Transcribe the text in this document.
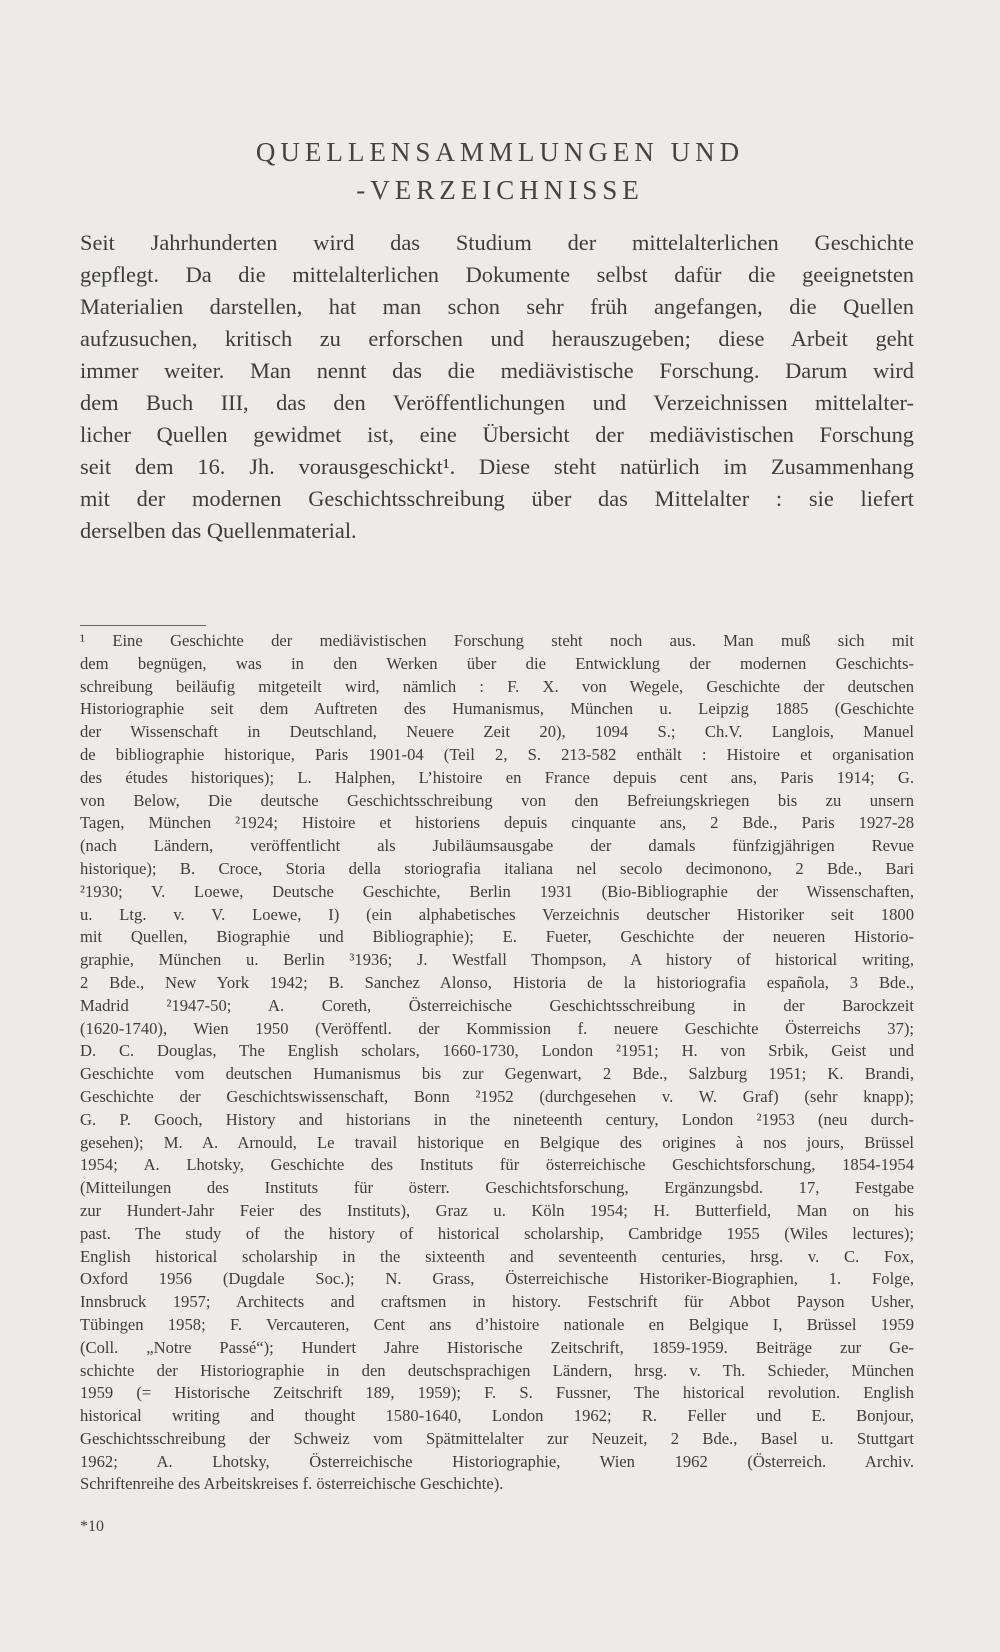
QUELLENSAMMLUNGEN UND
-VERZEICHNISSE
Seit Jahrhunderten wird das Studium der mittelalterlichen Geschichte
gepflegt. Da die mittelalterlichen Dokumente selbst dafür die geeignetsten
Materialien darstellen, hat man schon sehr früh angefangen, die Quellen
aufzusuchen, kritisch zu erforschen und herauszugeben; diese Arbeit geht
immer weiter. Man nennt das die mediävistische Forschung. Darum wird
dem Buch III, das den Veröffentlichungen und Verzeichnissen mittelalter-
licher Quellen gewidmet ist, eine Übersicht der mediävistischen Forschung
seit dem 16. Jh. vorausgeschickt¹. Diese steht natürlich im Zusammenhang
mit der modernen Geschichtsschreibung über das Mittelalter : sie liefert
derselben das Quellenmaterial.
¹ Eine Geschichte der mediävistischen Forschung steht noch aus. Man muß sich mit
dem begnügen, was in den Werken über die Entwicklung der modernen Geschichts-
schreibung beiläufig mitgeteilt wird, nämlich : F. X. von Wegele, Geschichte der deutschen
Historiographie seit dem Auftreten des Humanismus, München u. Leipzig 1885 (Geschichte
der Wissenschaft in Deutschland, Neuere Zeit 20), 1094 S.; Ch.V. Langlois, Manuel
de bibliographie historique, Paris 1901-04 (Teil 2, S. 213-582 enthält : Histoire et organisation
des études historiques); L. Halphen, L’histoire en France depuis cent ans, Paris 1914; G.
von Below, Die deutsche Geschichtsschreibung von den Befreiungskriegen bis zu unsern
Tagen, München ²1924; Histoire et historiens depuis cinquante ans, 2 Bde., Paris 1927-28
(nach Ländern, veröffentlicht als Jubiläumsausgabe der damals fünfzigjährigen Revue
historique); B. Croce, Storia della storiografia italiana nel secolo decimonono, 2 Bde., Bari
²1930; V. Loewe, Deutsche Geschichte, Berlin 1931 (Bio-Bibliographie der Wissenschaften,
u. Ltg. v. V. Loewe, I) (ein alphabetisches Verzeichnis deutscher Historiker seit 1800
mit Quellen, Biographie und Bibliographie); E. Fueter, Geschichte der neueren Historio-
graphie, München u. Berlin ³1936; J. Westfall Thompson, A history of historical writing,
2 Bde., New York 1942; B. Sanchez Alonso, Historia de la historiografia española, 3 Bde.,
Madrid ²1947-50; A. Coreth, Österreichische Geschichtsschreibung in der Barockzeit
(1620-1740), Wien 1950 (Veröffentl. der Kommission f. neuere Geschichte Österreichs 37);
D. C. Douglas, The English scholars, 1660-1730, London ²1951; H. von Srbik, Geist und
Geschichte vom deutschen Humanismus bis zur Gegenwart, 2 Bde., Salzburg 1951; K. Brandi,
Geschichte der Geschichtswissenschaft, Bonn ²1952 (durchgesehen v. W. Graf) (sehr knapp);
G. P. Gooch, History and historians in the nineteenth century, London ²1953 (neu durch-
gesehen); M. A. Arnould, Le travail historique en Belgique des origines à nos jours, Brüssel
1954; A. Lhotsky, Geschichte des Instituts für österreichische Geschichtsforschung, 1854-1954
(Mitteilungen des Instituts für österr. Geschichtsforschung, Ergänzungsbd. 17, Festgabe
zur Hundert-Jahr Feier des Instituts), Graz u. Köln 1954; H. Butterfield, Man on his
past. The study of the history of historical scholarship, Cambridge 1955 (Wiles lectures);
English historical scholarship in the sixteenth and seventeenth centuries, hrsg. v. C. Fox,
Oxford 1956 (Dugdale Soc.); N. Grass, Österreichische Historiker-Biographien, 1. Folge,
Innsbruck 1957; Architects and craftsmen in history. Festschrift für Abbot Payson Usher,
Tübingen 1958; F. Vercauteren, Cent ans d’histoire nationale en Belgique I, Brüssel 1959
(Coll. „Notre Passé“); Hundert Jahre Historische Zeitschrift, 1859-1959. Beiträge zur Ge-
schichte der Historiographie in den deutschsprachigen Ländern, hrsg. v. Th. Schieder, München
1959 (= Historische Zeitschrift 189, 1959); F. S. Fussner, The historical revolution. English
historical writing and thought 1580-1640, London 1962; R. Feller und E. Bonjour,
Geschichtsschreibung der Schweiz vom Spätmittelalter zur Neuzeit, 2 Bde., Basel u. Stuttgart
1962; A. Lhotsky, Österreichische Historiographie, Wien 1962 (Österreich. Archiv.
Schriftenreihe des Arbeitskreises f. österreichische Geschichte).
*10
